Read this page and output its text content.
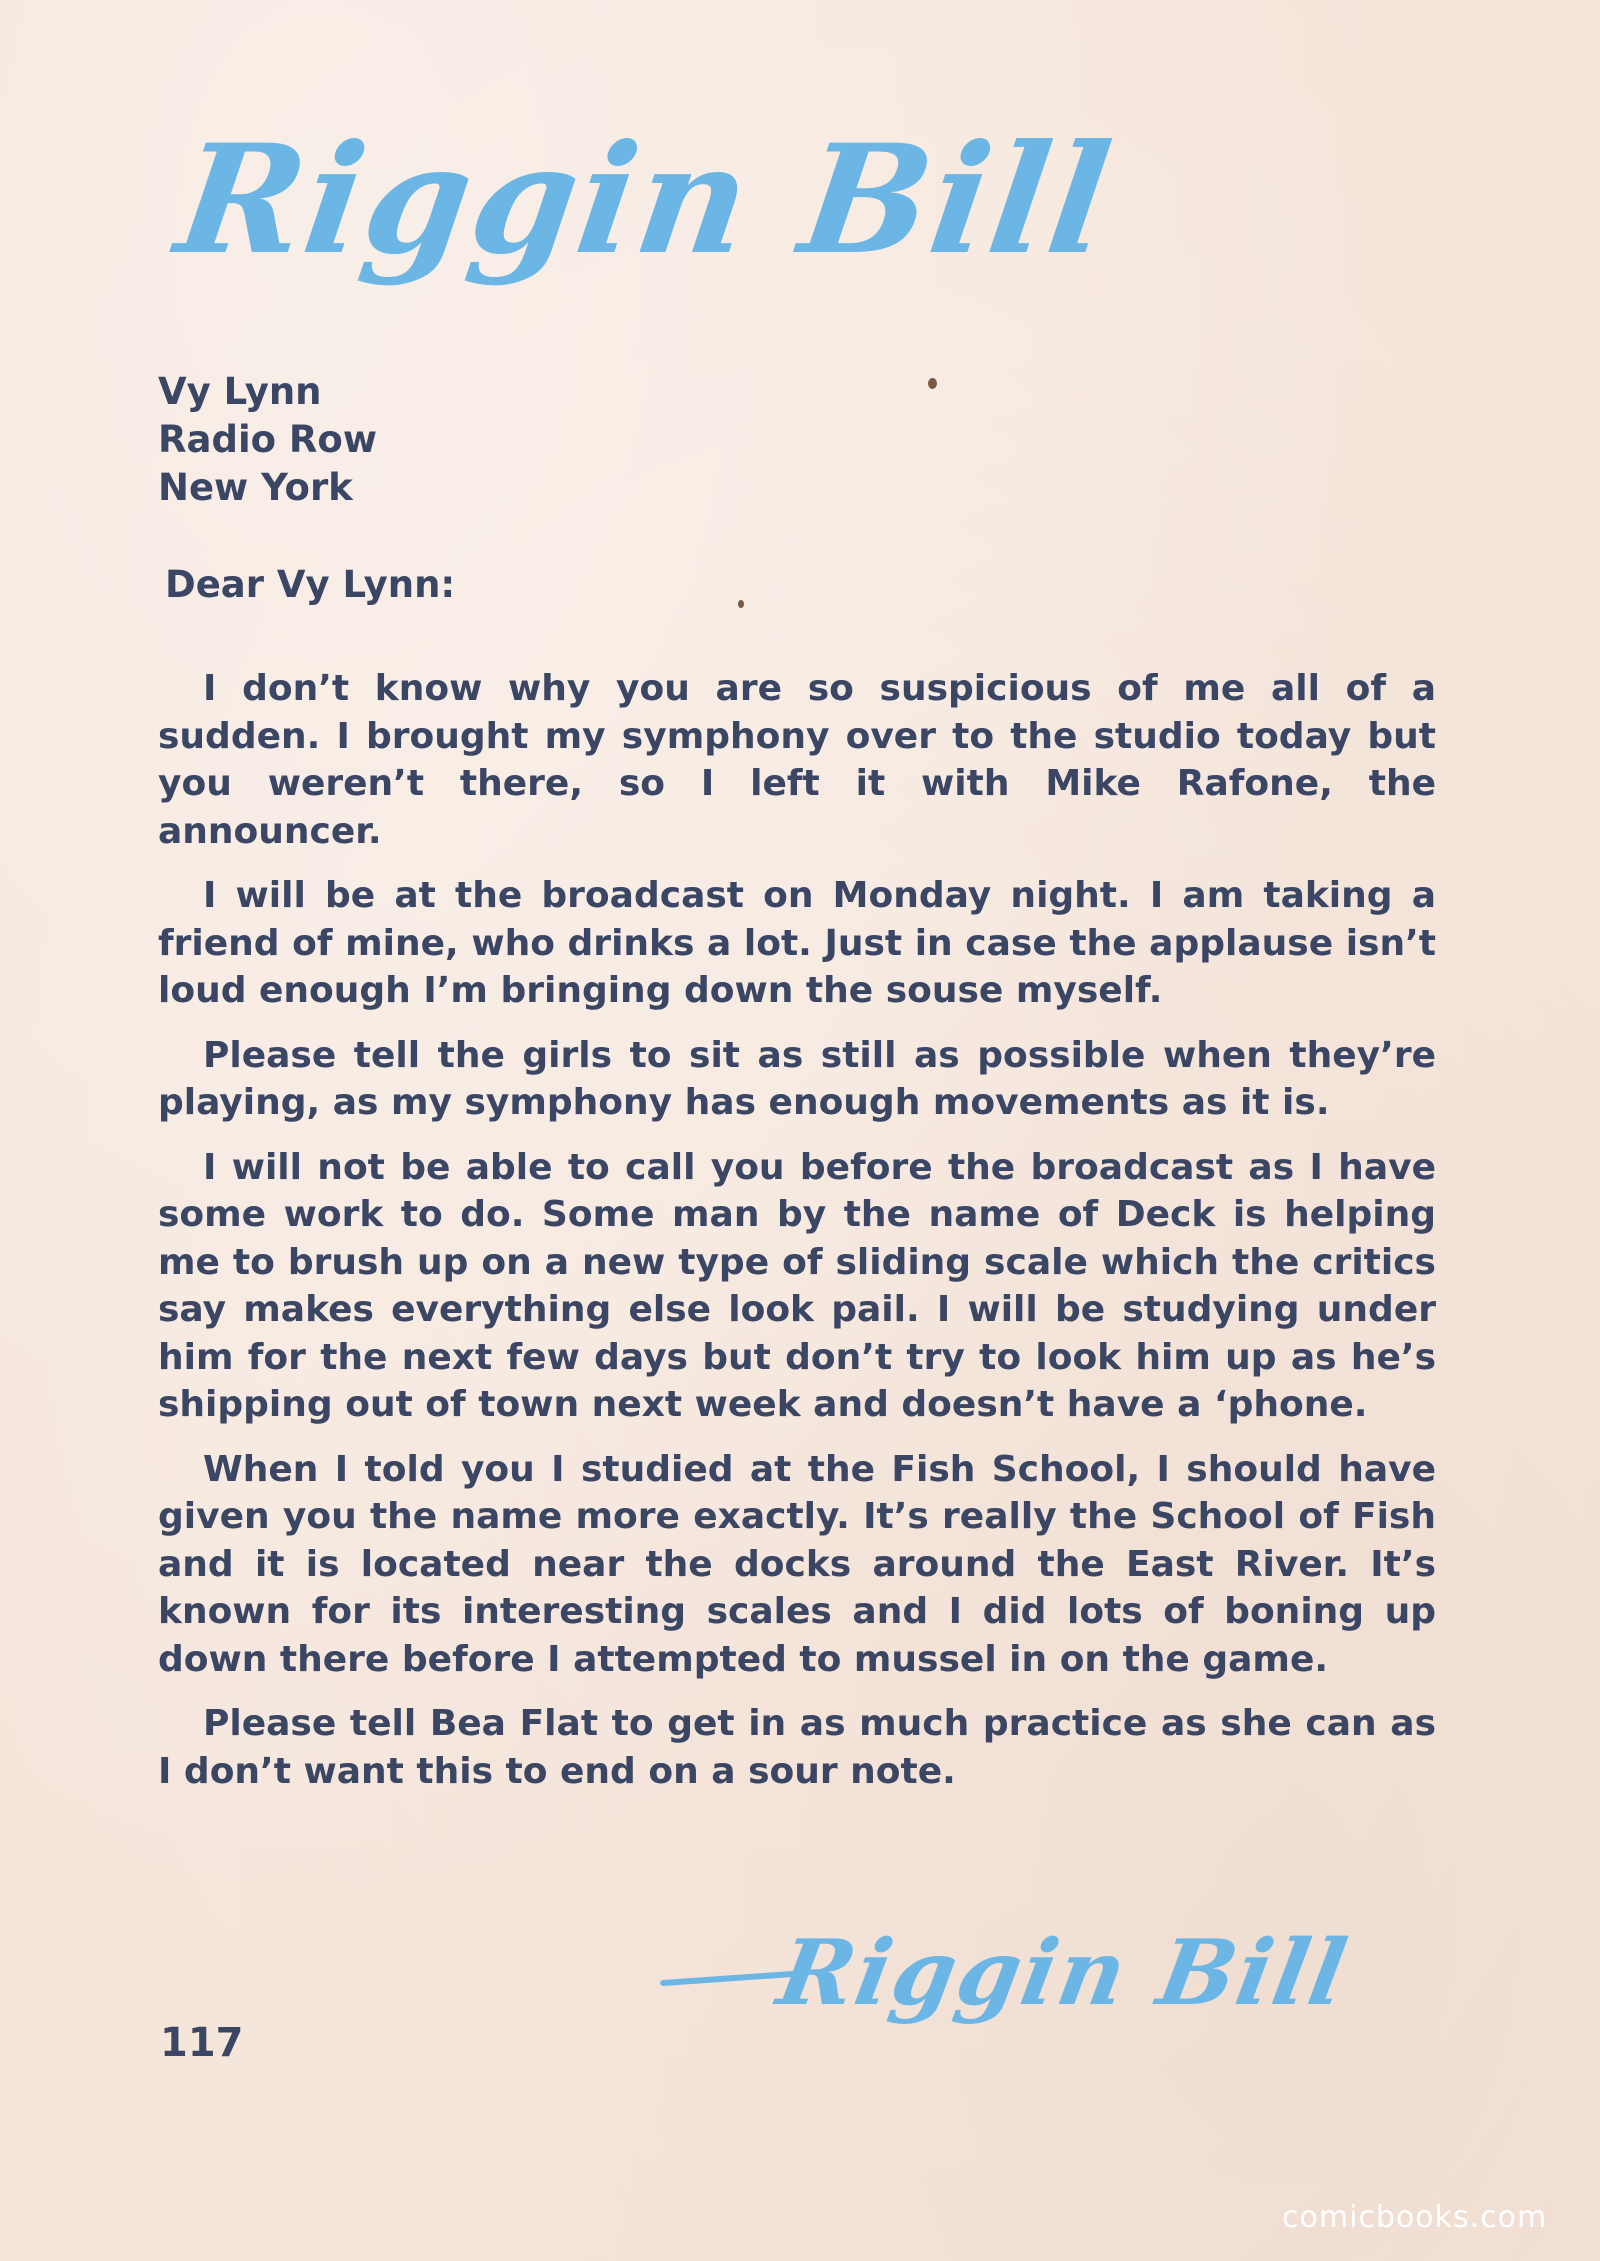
Riggin Bill
Vy Lynn
Radio Row
New York
Dear Vy Lynn:

I don’t know why you are so suspicious of me all of a sudden. I brought my symphony over to the studio today but you weren’t there, so I left it with Mike Rafone, the announcer.

I will be at the broadcast on Monday night. I am taking a friend of mine, who drinks a lot. Just in case the applause isn’t loud enough I’m bringing down the souse myself.

Please tell the girls to sit as still as possible when they’re playing, as my symphony has enough movements as it is.

I will not be able to call you before the broadcast as I have some work to do. Some man by the name of Deck is helping me to brush up on a new type of sliding scale which the critics say makes everything else look pail. I will be studying under him for the next few days but don’t try to look him up as he’s shipping out of town next week and doesn’t have a ‘phone.

When I told you I studied at the Fish School, I should have given you the name more exactly. It’s really the School of Fish and it is located near the docks around the East River. It’s known for its interesting scales and I did lots of boning up down there before I attempted to mussel in on the game.

Please tell Bea Flat to get in as much practice as she can as I don’t want this to end on a sour note.

Riggin Bill
117
comicbooks.com
